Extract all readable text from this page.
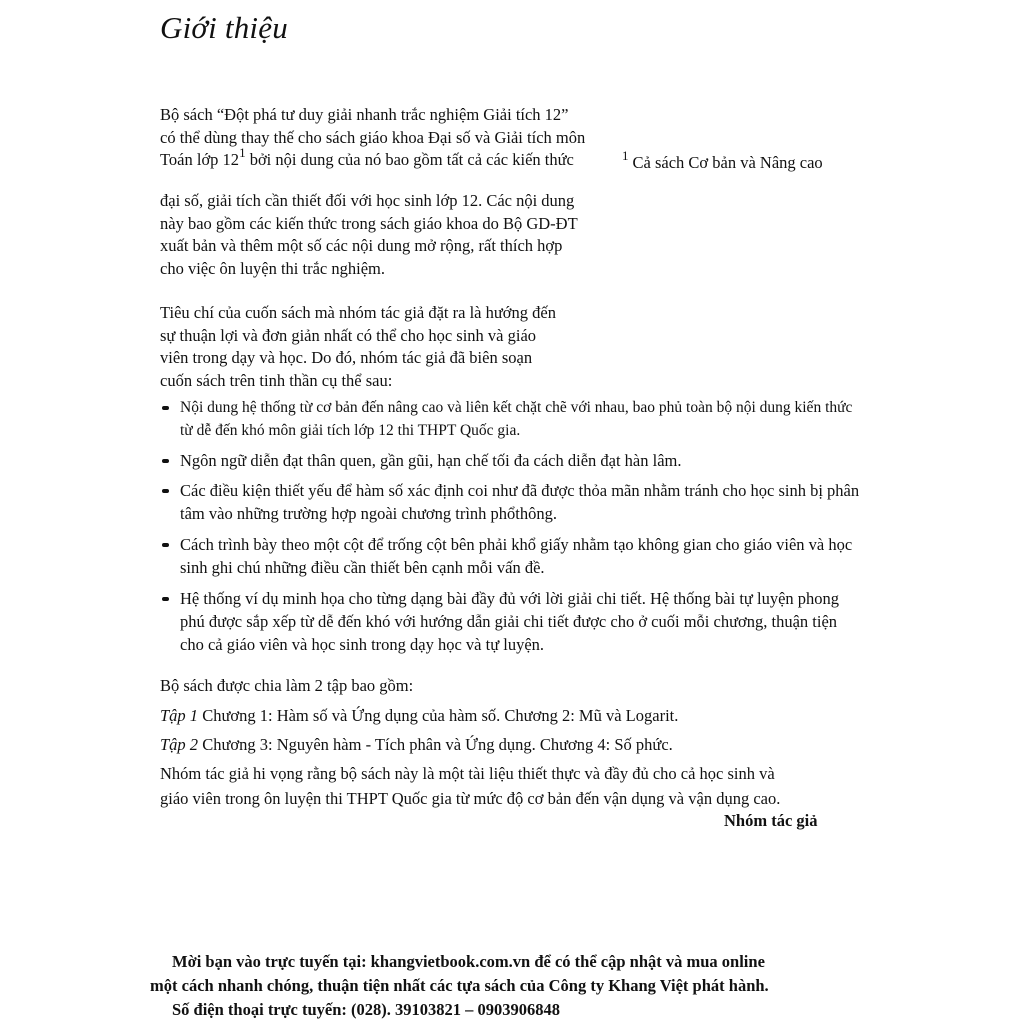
Giới thiệu
Bộ sách “Đột phá tư duy giải nhanh trắc nghiệm Giải tích 12”
có thể dùng thay thế cho sách giáo khoa Đại số và Giải tích môn
Toán lớp 12$^1$ bởi nội dung của nó bao gồm tất cả các kiến thức	$^1$ Cả sách Cơ bản và Nâng cao
đại số, giải tích cần thiết đối với học sinh lớp 12. Các nội dung
này bao gồm các kiến thức trong sách giáo khoa do Bộ GD-ĐT
xuất bản và thêm một số các nội dung mở rộng, rất thích hợp
cho việc ôn luyện thi trắc nghiệm.
Tiêu chí của cuốn sách mà nhóm tác giả đặt ra là hướng đến
sự thuận lợi và đơn giản nhất có thể cho học sinh và giáo
viên trong dạy và học. Do đó, nhóm tác giả đã biên soạn
cuốn sách trên tinh thần cụ thể sau:
Nội dung hệ thống từ cơ bản đến nâng cao và liên kết chặt chẽ với nhau, bao phủ toàn bộ nội dung kiến thức từ dễ đến khó môn giải tích lớp 12 thi THPT Quốc gia.
Ngôn ngữ diễn đạt thân quen, gần gũi, hạn chế tối đa cách diễn đạt hàn lâm.
Các điều kiện thiết yếu để hàm số xác định coi như đã được thỏa mãn nhằm tránh cho học sinh bị phân tâm vào những trường hợp ngoài chương trình phổthông.
Cách trình bày theo một cột để trống cột bên phải khổ giấy nhằm tạo không gian cho giáo viên và học sinh ghi chú những điều cần thiết bên cạnh mỗi vấn đề.
Hệ thống ví dụ minh họa cho từng dạng bài đầy đủ với lời giải chi tiết. Hệ thống bài tự luyện phong phú được sắp xếp từ dễ đến khó với hướng dẫn giải chi tiết được cho ở cuối mỗi chương, thuận tiện cho cả giáo viên và học sinh trong dạy học và tự luyện.
Bộ sách được chia làm 2 tập bao gồm:
Tập 1 Chương 1: Hàm số và Ứng dụng của hàm số. Chương 2: Mũ và Logarit.
Tập 2 Chương 3: Nguyên hàm - Tích phân và Ứng dụng. Chương 4: Số phức.
Nhóm tác giả hi vọng rằng bộ sách này là một tài liệu thiết thực và đầy đủ cho cả học sinh và
giáo viên trong ôn luyện thi THPT Quốc gia từ mức độ cơ bản đến vận dụng và vận dụng cao.
Nhóm tác giả
Mời bạn vào trực tuyến tại: khangvietbook.com.vn để có thể cập nhật và mua online
một cách nhanh chóng, thuận tiện nhất các tựa sách của Công ty Khang Việt phát hành.
Số điện thoại trực tuyến: (028). 39103821 – 0903906848
